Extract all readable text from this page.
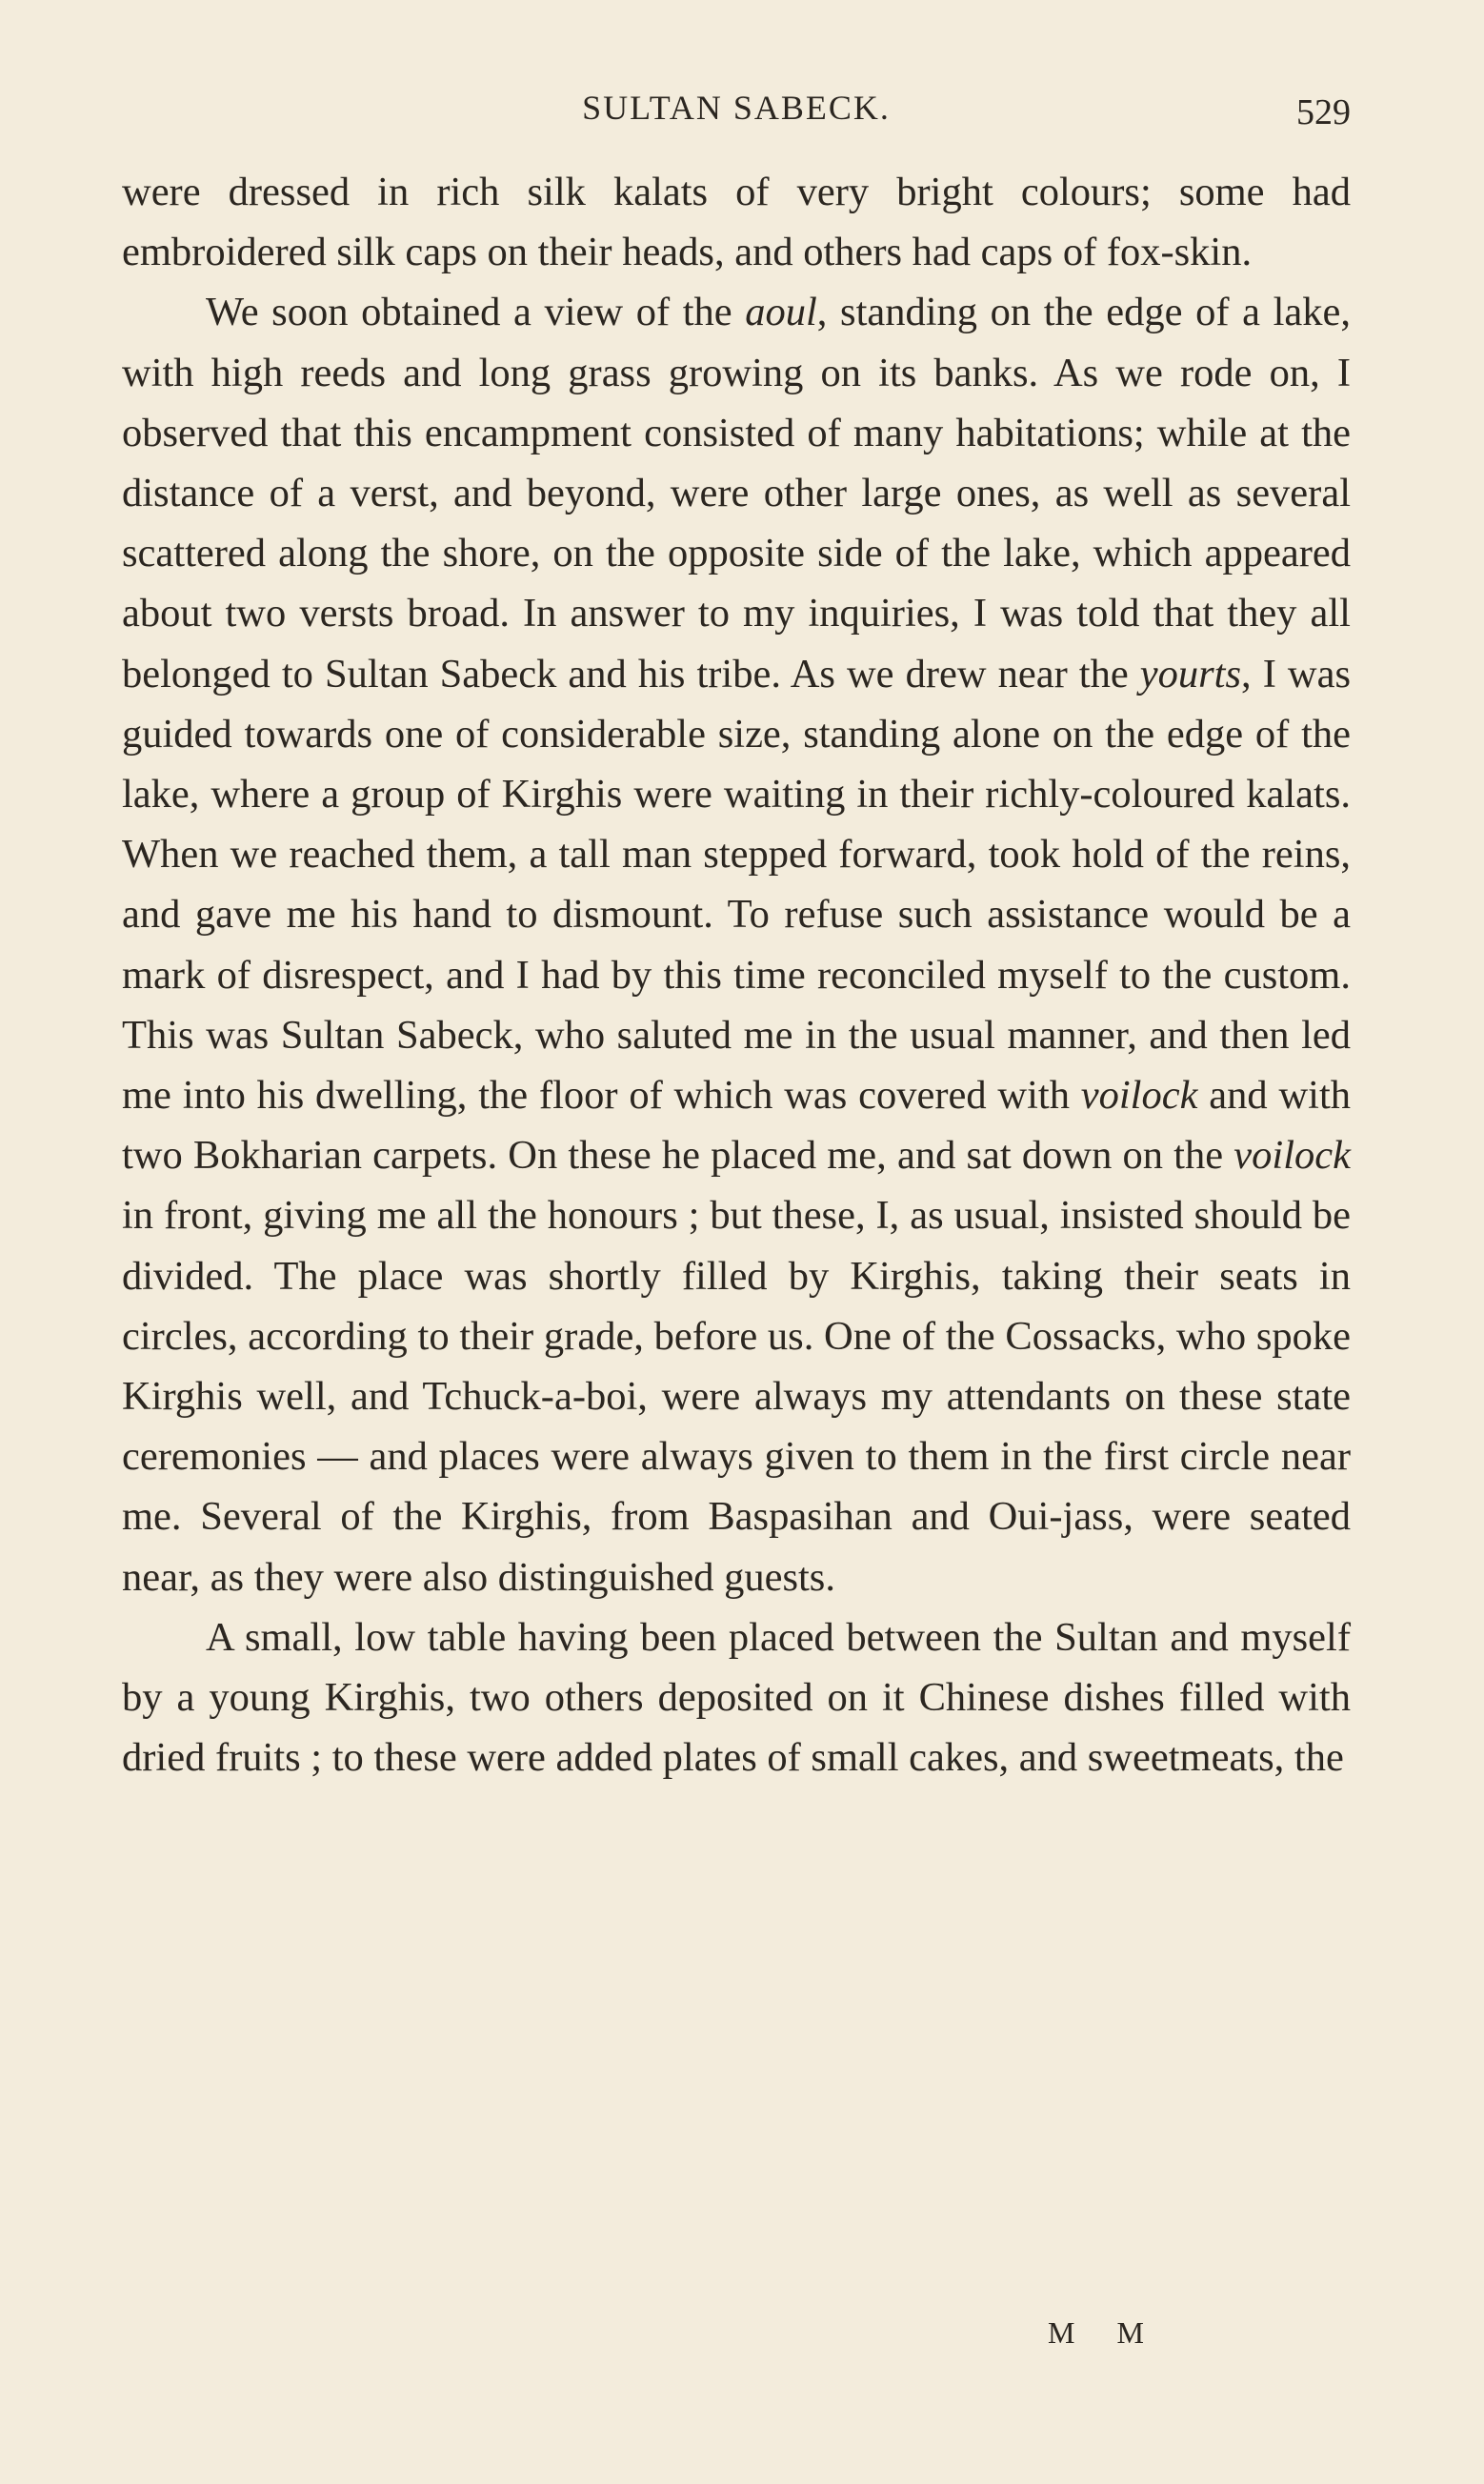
SULTAN SABECK.	529

were dressed in rich silk kalats of very bright colours; some had embroidered silk caps on their heads, and others had caps of fox-skin.

We soon obtained a view of the aoul, standing on the edge of a lake, with high reeds and long grass growing on its banks. As we rode on, I observed that this encampment consisted of many habitations; while at the distance of a verst, and beyond, were other large ones, as well as several scattered along the shore, on the opposite side of the lake, which appeared about two versts broad. In answer to my inquiries, I was told that they all belonged to Sultan Sabeck and his tribe. As we drew near the yourts, I was guided towards one of considerable size, standing alone on the edge of the lake, where a group of Kirghis were waiting in their richly-coloured kalats. When we reached them, a tall man stepped forward, took hold of the reins, and gave me his hand to dismount. To refuse such assistance would be a mark of disrespect, and I had by this time reconciled myself to the custom. This was Sultan Sabeck, who saluted me in the usual manner, and then led me into his dwelling, the floor of which was covered with voilock and with two Bokharian carpets. On these he placed me, and sat down on the voilock in front, giving me all the honours ; but these, I, as usual, insisted should be divided. The place was shortly filled by Kirghis, taking their seats in circles, according to their grade, before us. One of the Cossacks, who spoke Kirghis well, and Tchuck-a-boi, were always my attendants on these state ceremonies — and places were always given to them in the first circle near me. Several of the Kirghis, from Baspasihan and Oui-jass, were seated near, as they were also distinguished guests.

A small, low table having been placed between the Sultan and myself by a young Kirghis, two others deposited on it Chinese dishes filled with dried fruits ; to these were added plates of small cakes, and sweetmeats, the

M M
